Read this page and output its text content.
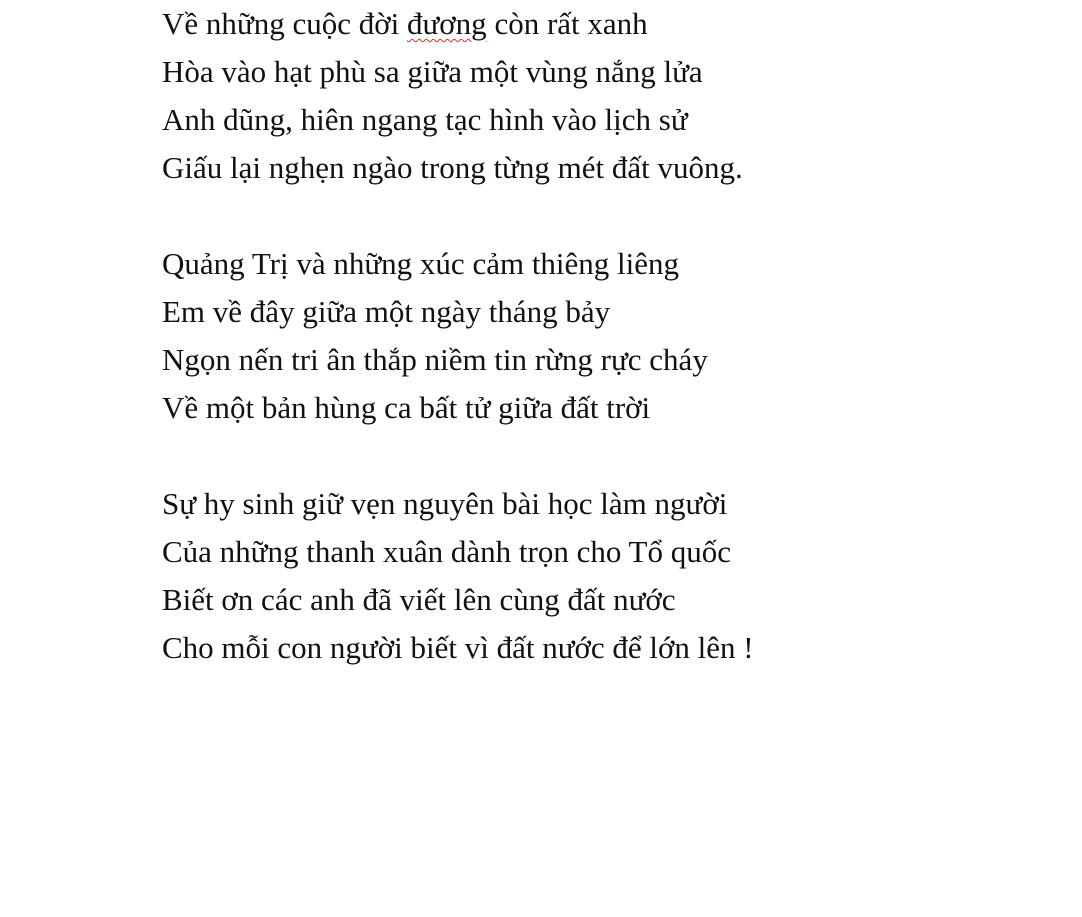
Về những cuộc đời đương còn rất xanh
Hòa vào hạt phù sa giữa một vùng nắng lửa
Anh dũng, hiên ngang tạc hình vào lịch sử
Giấu lại nghẹn ngào trong từng mét đất vuông.
Quảng Trị và những xúc cảm thiêng liêng
Em về đây giữa một ngày tháng bảy
Ngọn nến tri ân thắp niềm tin rừng rực cháy
Về một bản hùng ca bất tử giữa đất trời
Sự hy sinh giữ vẹn nguyên bài học làm người
Của những thanh xuân dành trọn cho Tổ quốc
Biết ơn các anh đã viết lên cùng đất nước
Cho mỗi con người biết vì đất nước để lớn lên !
